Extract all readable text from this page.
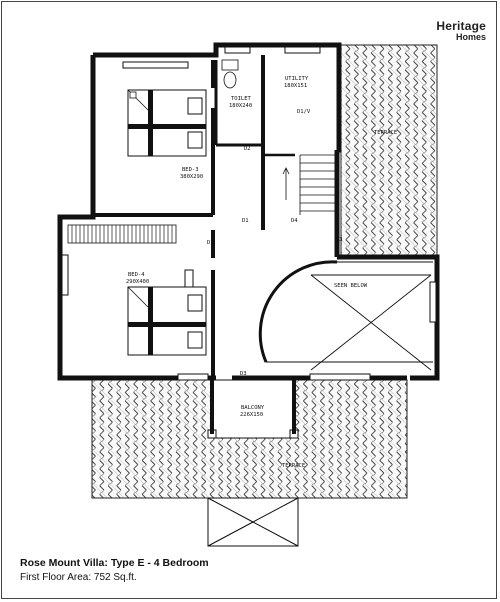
BED-3
380X290
BED-4
290X400
TOILET
180X240
UTILITY
180X151
TERRACE
SEEN BELOW
BALCONY
226X150
TERRACE
D1
D1
D2
D3
D3
D4
D1/V
Heritage
Homes
Rose Mount Villa: Type E - 4 Bedroom
First Floor Area: 752 Sq.ft.
